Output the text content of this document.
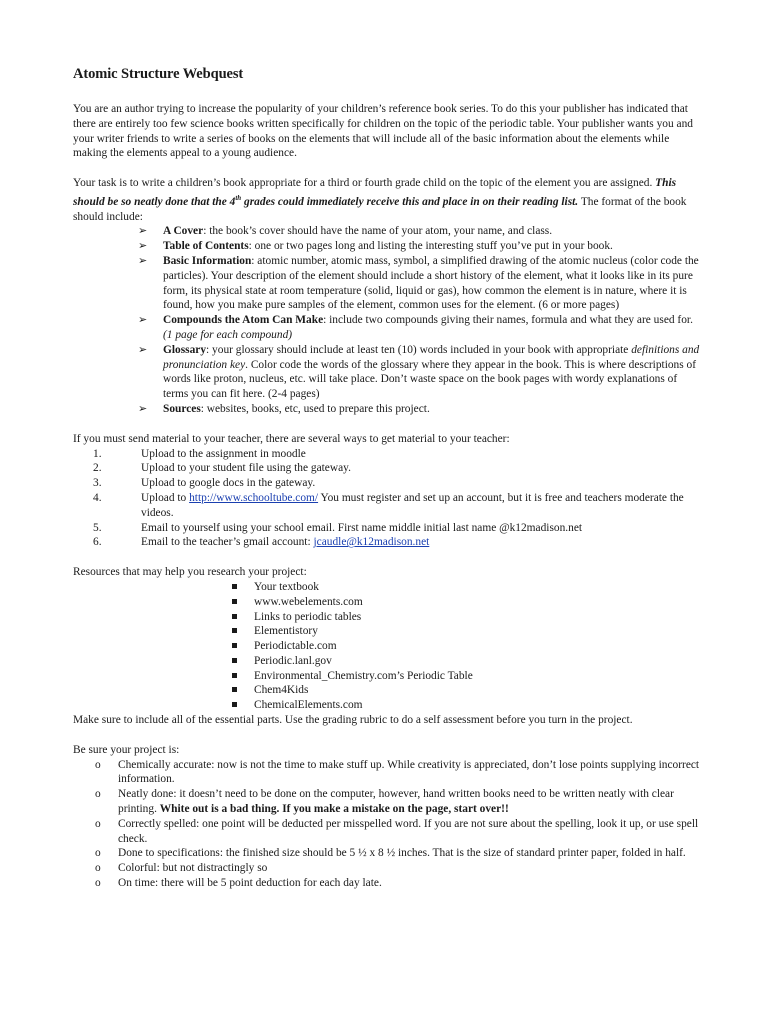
Atomic Structure Webquest

You are an author trying to increase the popularity of your children’s reference book series. To do this your publisher has indicated that there are entirely too few science books written specifically for children on the topic of the periodic table. Your publisher wants you and your writer friends to write a series of books on the elements that will include all of the basic information about the elements while making the elements appeal to a young audience.

Your task is to write a children’s book appropriate for a third or fourth grade child on the topic of the element you are assigned. This should be so neatly done that the 4th grades could immediately receive this and place in on their reading list. The format of the book should include:

➢ A Cover: the book’s cover should have the name of your atom, your name, and class.
➢ Table of Contents: one or two pages long and listing the interesting stuff you’ve put in your book.
➢ Basic Information: atomic number, atomic mass, symbol, a simplified drawing of the atomic nucleus (color code the particles). Your description of the element should include a short history of the element, what it looks like in its pure form, its physical state at room temperature (solid, liquid or gas), how common the element is in nature, where it is found, how you make pure samples of the element, common uses for the element. (6 or more pages)
➢ Compounds the Atom Can Make: include two compounds giving their names, formula and what they are used for. (1 page for each compound)
➢ Glossary: your glossary should include at least ten (10) words included in your book with appropriate definitions and pronunciation key. Color code the words of the glossary where they appear in the book. This is where descriptions of words like proton, nucleus, etc. will take place. Don’t waste space on the book pages with wordy explanations of terms you can fit here. (2-4 pages)
➢ Sources: websites, books, etc, used to prepare this project.

If you must send material to your teacher, there are several ways to get material to your teacher:

1.	Upload to the assignment in moodle
2.	Upload to your student file using the gateway.
3.	Upload to google docs in the gateway.
4.	Upload to http://www.schooltube.com/ You must register and set up an account, but it is free and teachers moderate the videos.
5.	Email to yourself using your school email. First name middle initial last name @k12madison.net
6.	Email to the teacher’s gmail account: jcaudle@k12madison.net

Resources that may help you research your project:

Your textbook
www.webelements.com
Links to periodic tables
Elementistory
Periodictable.com
Periodic.lanl.gov
Environmental_Chemistry.com’s Periodic Table
Chem4Kids
ChemicalElements.com

Make sure to include all of the essential parts. Use the grading rubric to do a self assessment before you turn in the project.

Be sure your project is:

o Chemically accurate: now is not the time to make stuff up. While creativity is appreciated, don’t lose points supplying incorrect information.
o Neatly done: it doesn’t need to be done on the computer, however, hand written books need to be written neatly with clear printing. White out is a bad thing. If you make a mistake on the page, start over!!
o Correctly spelled: one point will be deducted per misspelled word. If you are not sure about the spelling, look it up, or use spell check.
o Done to specifications: the finished size should be 5 ½ x 8 ½ inches. That is the size of standard printer paper, folded in half.
o Colorful: but not distractingly so
o On time: there will be 5 point deduction for each day late.
